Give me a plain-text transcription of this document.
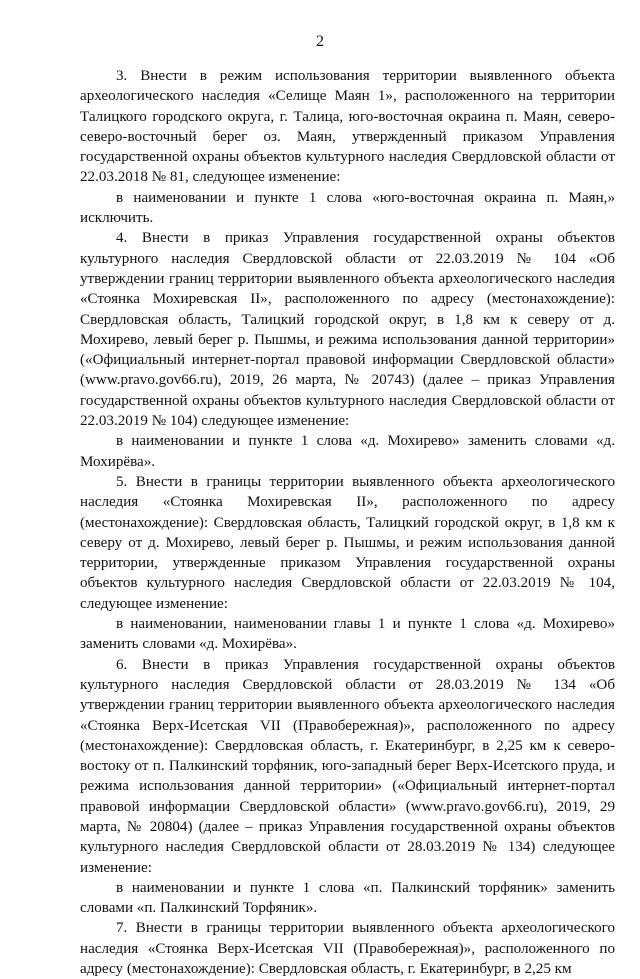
2

3. Внести в режим использования территории выявленного объекта археологического наследия «Селище Маян 1», расположенного на территории Талицкого городского округа, г. Талица, юго-восточная окраина п. Маян, северо-северо-восточный берег оз. Маян, утвержденный приказом Управления государственной охраны объектов культурного наследия Свердловской области от 22.03.2018 № 81, следующее изменение:

в наименовании и пункте 1 слова «юго-восточная окраина п. Маян,» исключить.

4. Внести в приказ Управления государственной охраны объектов культурного наследия Свердловской области от 22.03.2019 № 104 «Об утверждении границ территории выявленного объекта археологического наследия «Стоянка Мохиревская II», расположенного по адресу (местонахождение): Свердловская область, Талицкий городской округ, в 1,8 км к северу от д. Мохирево, левый берег р. Пышмы, и режима использования данной территории» («Официальный интернет-портал правовой информации Свердловской области» (www.pravo.gov66.ru), 2019, 26 марта, № 20743) (далее – приказ Управления государственной охраны объектов культурного наследия Свердловской области от 22.03.2019 № 104) следующее изменение:

в наименовании и пункте 1 слова «д. Мохирево» заменить словами «д. Мохирёва».

5. Внести в границы территории выявленного объекта археологического наследия «Стоянка Мохиревская II», расположенного по адресу (местонахождение): Свердловская область, Талицкий городской округ, в 1,8 км к северу от д. Мохирево, левый берег р. Пышмы, и режим использования данной территории, утвержденные приказом Управления государственной охраны объектов культурного наследия Свердловской области от 22.03.2019 № 104, следующее изменение:

в наименовании, наименовании главы 1 и пункте 1 слова «д. Мохирево» заменить словами «д. Мохирёва».

6. Внести в приказ Управления государственной охраны объектов культурного наследия Свердловской области от 28.03.2019 № 134 «Об утверждении границ территории выявленного объекта археологического наследия «Стоянка Верх-Исетская VII (Правобережная)», расположенного по адресу (местонахождение): Свердловская область, г. Екатеринбург, в 2,25 км к северо-востоку от п. Палкинский торфяник, юго-западный берег Верх-Исетского пруда, и режима использования данной территории» («Официальный интернет-портал правовой информации Свердловской области» (www.pravo.gov66.ru), 2019, 29 марта, № 20804) (далее – приказ Управления государственной охраны объектов культурного наследия Свердловской области от 28.03.2019 № 134) следующее изменение:

в наименовании и пункте 1 слова «п. Палкинский торфяник» заменить словами «п. Палкинский Торфяник».

7. Внести в границы территории выявленного объекта археологического наследия «Стоянка Верх-Исетская VII (Правобережная)», расположенного по адресу (местонахождение): Свердловская область, г. Екатеринбург, в 2,25 км
